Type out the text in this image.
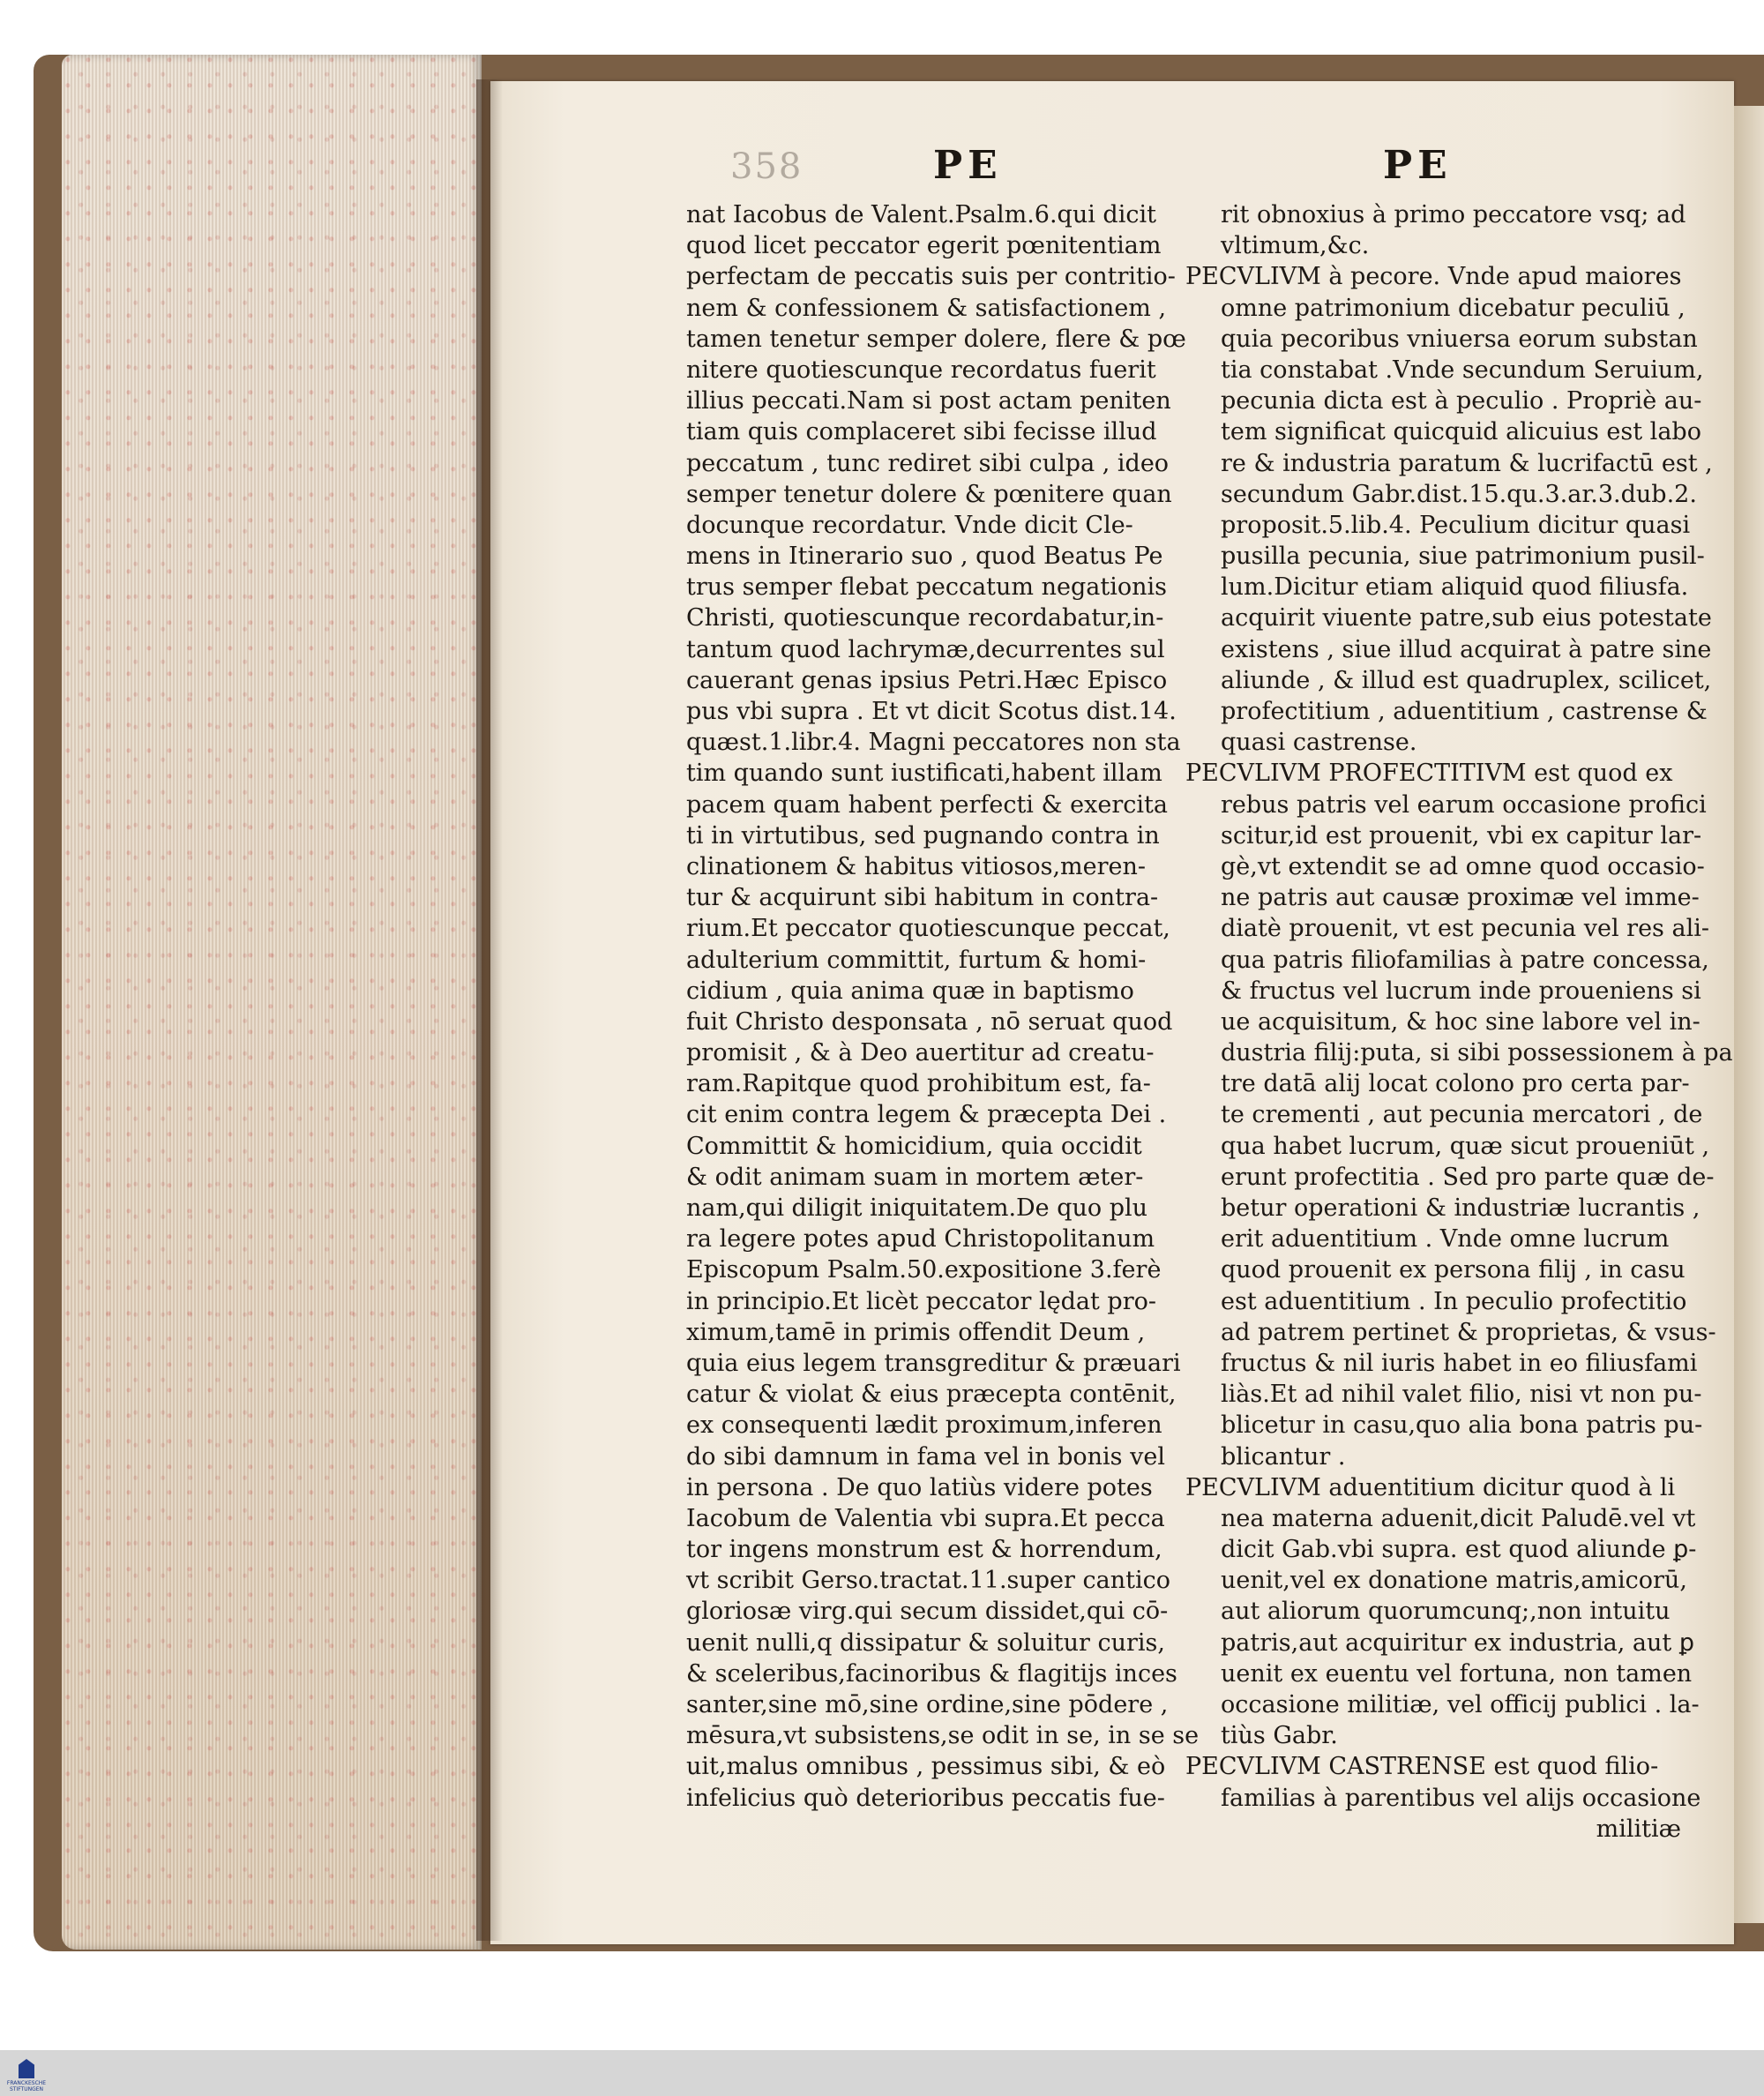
358	PE	PE
nat Iacobus de Valent.Psalm.6.qui dicit
quod licet peccator egerit pœnitentiam
perfectam de peccatis suis per contritio-
nem & confessionem & satisfactionem ,
tamen tenetur semper dolere, flere & pœ
nitere quotiescunque recordatus fuerit
illius peccati.Nam si post actam peniten
tiam quis complaceret sibi fecisse illud
peccatum , tunc rediret sibi culpa , ideo
semper tenetur dolere & pœnitere quan
docunque recordatur. Vnde dicit Cle-
mens in Itinerario suo , quod Beatus Pe
trus semper flebat peccatum negationis
Christi, quotiescunque recordabatur,in-
tantum quod lachrymæ,decurrentes sul
cauerant genas ipsius Petri.Hæc Episco
pus vbi supra . Et vt dicit Scotus dist.14.
quæst.1.libr.4. Magni peccatores non sta
tim quando sunt iustificati,habent illam
pacem quam habent perfecti & exercita
ti in virtutibus, sed pugnando contra in
clinationem & habitus vitiosos,meren-
tur & acquirunt sibi habitum in contra-
rium.Et peccator quotiescunque peccat,
adulterium committit, furtum & homi-
cidium , quia anima quæ in baptismo
fuit Christo desponsata , nō seruat quod
promisit , & à Deo auertitur ad creatu-
ram.Rapitque quod prohibitum est, fa-
cit enim contra legem & præcepta Dei .
Committit & homicidium, quia occidit
& odit animam suam in mortem æter-
nam,qui diligit iniquitatem.De quo plu
ra legere potes apud Christopolitanum
Episcopum Psalm.50.expositione 3.ferè
in principio.Et licèt peccator lędat pro-
ximum,tamē in primis offendit Deum ,
quia eius legem transgreditur & præuari
catur & violat & eius præcepta contēnit,
ex consequenti lædit proximum,inferen
do sibi damnum in fama vel in bonis vel
in persona . De quo latiùs videre potes
Iacobum de Valentia vbi supra.Et pecca
tor ingens monstrum est & horrendum,
vt scribit Gerso.tractat.11.super cantico
gloriosæ virg.qui secum dissidet,qui cō-
uenit nulli,q dissipatur & soluitur curis,
& sceleribus,facinoribus & flagitijs inces
santer,sine mō,sine ordine,sine pōdere ,
mēsura,vt subsistens,se odit in se, in se se
uit,malus omnibus , pessimus sibi, & eò
infelicius quò deterioribus peccatis fue-
rit obnoxius à primo peccatore vsq; ad
vltimum,&c.
PECVLIVM à pecore. Vnde apud maiores
omne patrimonium dicebatur peculiū ,
quia pecoribus vniuersa eorum substan
tia constabat .Vnde secundum Seruium,
pecunia dicta est à peculio . Propriè au-
tem significat quicquid alicuius est labo
re & industria paratum & lucrifactū est ,
secundum Gabr.dist.15.qu.3.ar.3.dub.2.
proposit.5.lib.4. Peculium dicitur quasi
pusilla pecunia, siue patrimonium pusil-
lum.Dicitur etiam aliquid quod filiusfa.
acquirit viuente patre,sub eius potestate
existens , siue illud acquirat à patre sine
aliunde , & illud est quadruplex, scilicet,
profectitium , aduentitium , castrense &
quasi castrense.
PECVLIVM PROFECTITIVM est quod ex
rebus patris vel earum occasione profici
scitur,id est prouenit, vbi ex capitur lar-
gè,vt extendit se ad omne quod occasio-
ne patris aut causæ proximæ vel imme-
diatè prouenit, vt est pecunia vel res ali-
qua patris filiofamilias à patre concessa,
& fructus vel lucrum inde proueniens si
ue acquisitum, & hoc sine labore vel in-
dustria filij:puta, si sibi possessionem à pa
tre datā alij locat colono pro certa par-
te crementi , aut pecunia mercatori , de
qua habet lucrum, quæ sicut proueniūt ,
erunt profectitia . Sed pro parte quæ de-
betur operationi & industriæ lucrantis ,
erit aduentitium . Vnde omne lucrum
quod prouenit ex persona filij , in casu
est aduentitium . In peculio profectitio
ad patrem pertinet & proprietas, & vsus-
fructus & nil iuris habet in eo filiusfami
liàs.Et ad nihil valet filio, nisi vt non pu-
blicetur in casu,quo alia bona patris pu-
blicantur .
PECVLIVM aduentitium dicitur quod à li
nea materna aduenit,dicit Paludē.vel vt
dicit Gab.vbi supra. est quod aliunde ꝑ-
uenit,vel ex donatione matris,amicorū,
aut aliorum quorumcunq;,non intuitu
patris,aut acquiritur ex industria, aut ꝑ
uenit ex euentu vel fortuna, non tamen
occasione militiæ, vel officij publici . la-
tiùs Gabr.
PECVLIVM CASTRENSE est quod filio-
familias à parentibus vel alijs occasione
militiæ
FRANCKESCHE STIFTUNGEN
